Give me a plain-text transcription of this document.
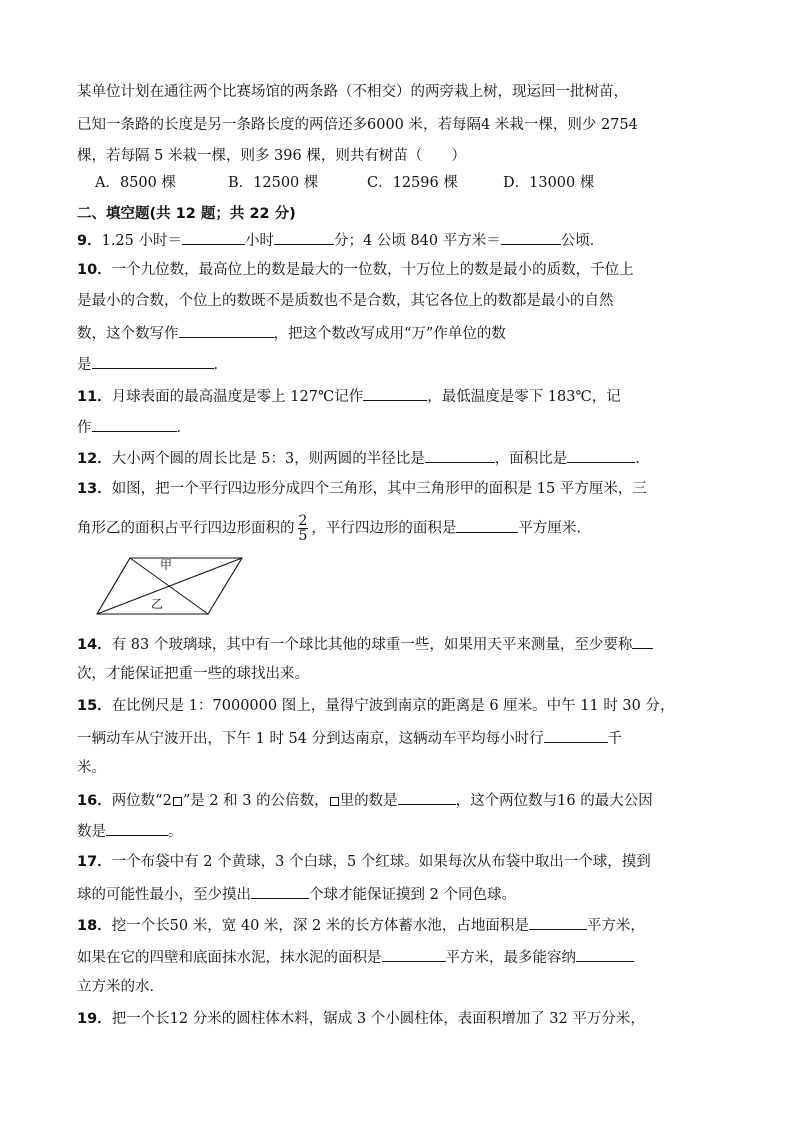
某单位计划在通往两个比赛场馆的两条路（不相交）的两旁栽上树，现运回一批树苗，
已知一条路的长度是另一条路长度的两倍还多6000 米，若每隔4 米栽一棵，则少 2754
棵，若每隔 5 米栽一棵，则多 396 棵，则共有树苗（　　）
A．8500 棵	B．12500 棵	C．12596 棵	D．13000 棵
二、填空题(共 12 题；共 22 分)
9．1.25 小时＝	小时	分；4 公顷 840 平方米＝	公顷．
10．一个九位数，最高位上的数是最大的一位数，十万位上的数是最小的质数，千位上
是最小的合数，个位上的数既不是质数也不是合数，其它各位上的数都是最小的自然
数，这个数写作	，把这个数改写成用“万”作单位的数
是	．
11．月球表面的最高温度是零上 127℃记作	，最低温度是零下 183℃，记
作	．
12．大小两个圆的周长比是 5：3，则两圆的半径比是	，面积比是	．
13．如图，把一个平行四边形分成四个三角形，其中三角形甲的面积是 15 平方厘米，三
角形乙的面积占平行四边形面积的 $\frac{2}{5}$ ，平行四边形的面积是	平方厘米.
甲
乙
14．有 83 个玻璃球，其中有一个球比其他的球重一些，如果用天平来测量，至少要称
次，才能保证把重一些的球找出来。
15．在比例尺是 1：7000000 图上，量得宁波到南京的距离是 6 厘米。中午 11 时 30 分，
一辆动车从宁波开出，下午 1 时 54 分到达南京，这辆动车平均每小时行	千
米。
16．两位数“2 ”是 2 和 3 的公倍数， 里的数是	，这个两位数与16 的最大公因
数是	。
17．一个布袋中有 2 个黄球，3 个白球，5 个红球。如果每次从布袋中取出一个球，摸到
球的可能性最小，至少摸出	个球才能保证摸到 2 个同色球。
18．挖一个长50 米，宽 40 米，深 2 米的长方体蓄水池，占地面积是	平方米，
如果在它的四壁和底面抹水泥，抹水泥的面积是	平方米，最多能容纳
立方米的水．
19．把一个长12 分米的圆柱体木料，锯成 3 个小圆柱体，表面积增加了 32 平万分米，
